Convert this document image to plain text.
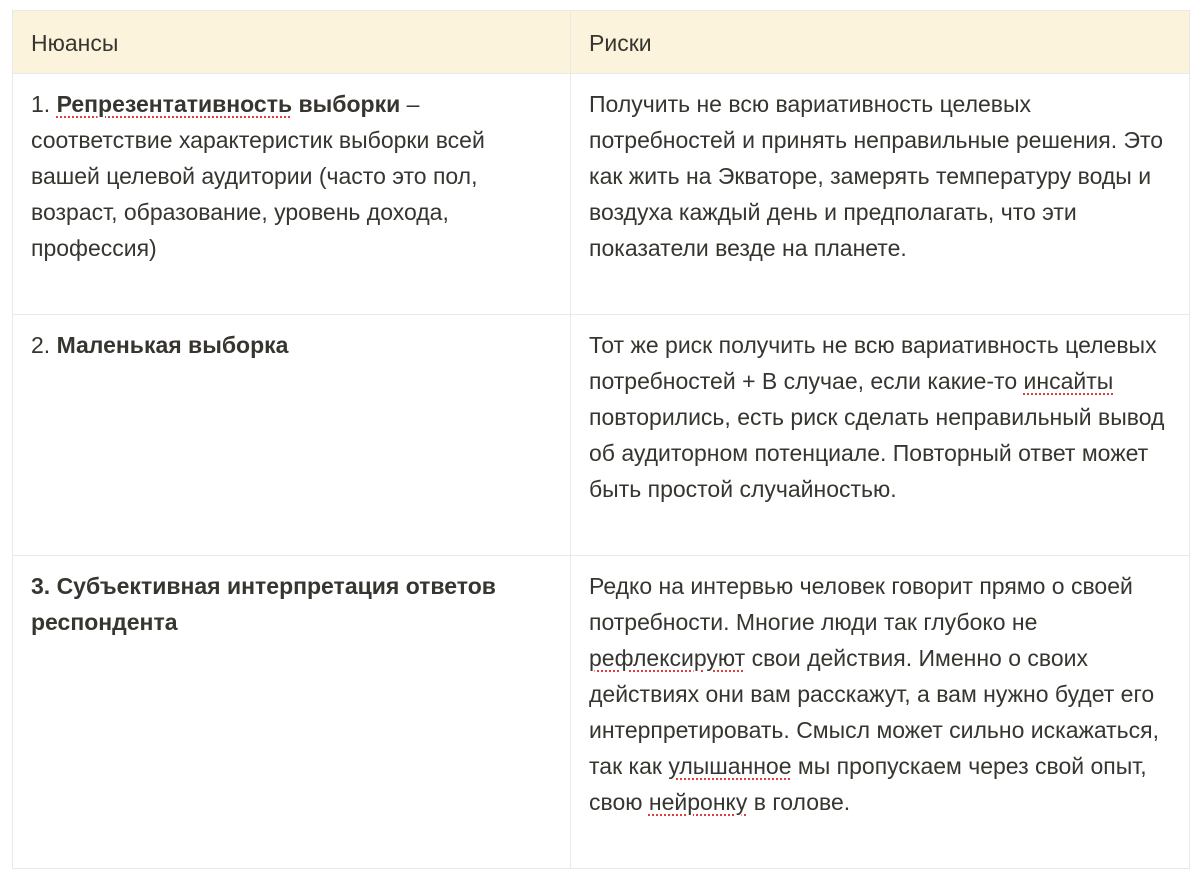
Нюансы	Риски
1. Репрезентативность выборки – соответствие характеристик выборки всей вашей целевой аудитории (часто это пол, возраст, образование, уровень дохода, профессия)	Получить не всю вариативность целевых потребностей и принять неправильные решения. Это как жить на Экваторе, замерять температуру воды и воздуха каждый день и предполагать, что эти показатели везде на планете.
2. Маленькая выборка	Тот же риск получить не всю вариативность целевых потребностей + В случае, если какие-то инсайты повторились, есть риск сделать неправильный вывод об аудиторном потенциале. Повторный ответ может быть простой случайностью.
3. Субъективная интерпретация ответов респондента	Редко на интервью человек говорит прямо о своей потребности. Многие люди так глубоко не рефлексируют свои действия. Именно о своих действиях они вам расскажут, а вам нужно будет его интерпретировать. Смысл может сильно искажаться, так как улышанное мы пропускаем через свой опыт, свою нейронку в голове.
